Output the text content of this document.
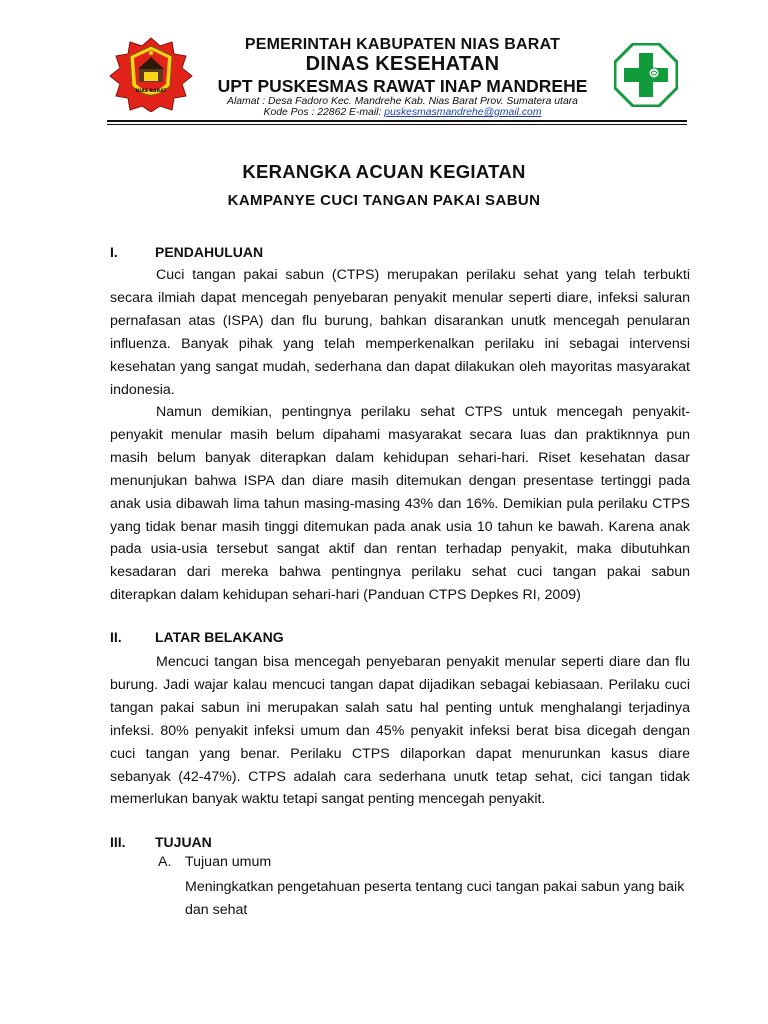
NIAS BARAT
PEMERINTAH KABUPATEN NIAS BARAT
DINAS KESEHATAN
UPT PUSKESMAS RAWAT INAP MANDREHE
Alamat : Desa Fadoro Kec. Mandrehe Kab. Nias Barat Prov. Sumatera utara
Kode Pos : 22862 E-mail: puskesmasmandrehe@gmail.com
KERANGKA ACUAN KEGIATAN
KAMPANYE CUCI TANGAN PAKAI SABUN
I.	PENDAHULUAN

Cuci tangan pakai sabun (CTPS) merupakan perilaku sehat yang telah terbukti secara ilmiah dapat mencegah penyebaran penyakit menular seperti diare, infeksi saluran pernafasan atas (ISPA) dan flu burung, bahkan disarankan unutk mencegah penularan influenza. Banyak pihak yang telah memperkenalkan perilaku ini sebagai intervensi kesehatan yang sangat mudah, sederhana dan dapat dilakukan oleh mayoritas masyarakat indonesia.

Namun demikian, pentingnya perilaku sehat CTPS untuk mencegah penyakit- penyakit menular masih belum dipahami masyarakat secara luas dan praktiknnya pun masih belum banyak diterapkan dalam kehidupan sehari-hari. Riset kesehatan dasar menunjukan bahwa ISPA dan diare masih ditemukan dengan presentase tertinggi pada anak usia dibawah lima tahun masing-masing 43% dan 16%. Demikian pula perilaku CTPS yang tidak benar masih tinggi ditemukan pada anak usia 10 tahun ke bawah. Karena anak pada usia-usia tersebut sangat aktif dan rentan terhadap penyakit, maka dibutuhkan kesadaran dari mereka bahwa pentingnya perilaku sehat cuci tangan pakai sabun diterapkan dalam kehidupan sehari-hari (Panduan CTPS Depkes RI, 2009)

II.	LATAR BELAKANG

Mencuci tangan bisa mencegah penyebaran penyakit menular seperti diare dan flu burung. Jadi wajar kalau mencuci tangan dapat dijadikan sebagai kebiasaan. Perilaku cuci tangan pakai sabun ini merupakan salah satu hal penting untuk menghalangi terjadinya infeksi. 80% penyakit infeksi umum dan 45% penyakit infeksi berat bisa dicegah dengan cuci tangan yang benar. Perilaku CTPS dilaporkan dapat menurunkan kasus diare sebanyak (42-47%). CTPS adalah cara sederhana unutk tetap sehat, cici tangan tidak memerlukan banyak waktu tetapi sangat penting mencegah penyakit.

III.	TUJUAN
A. Tujuan umum

Meningkatkan pengetahuan peserta tentang cuci tangan pakai sabun yang baik dan sehat
